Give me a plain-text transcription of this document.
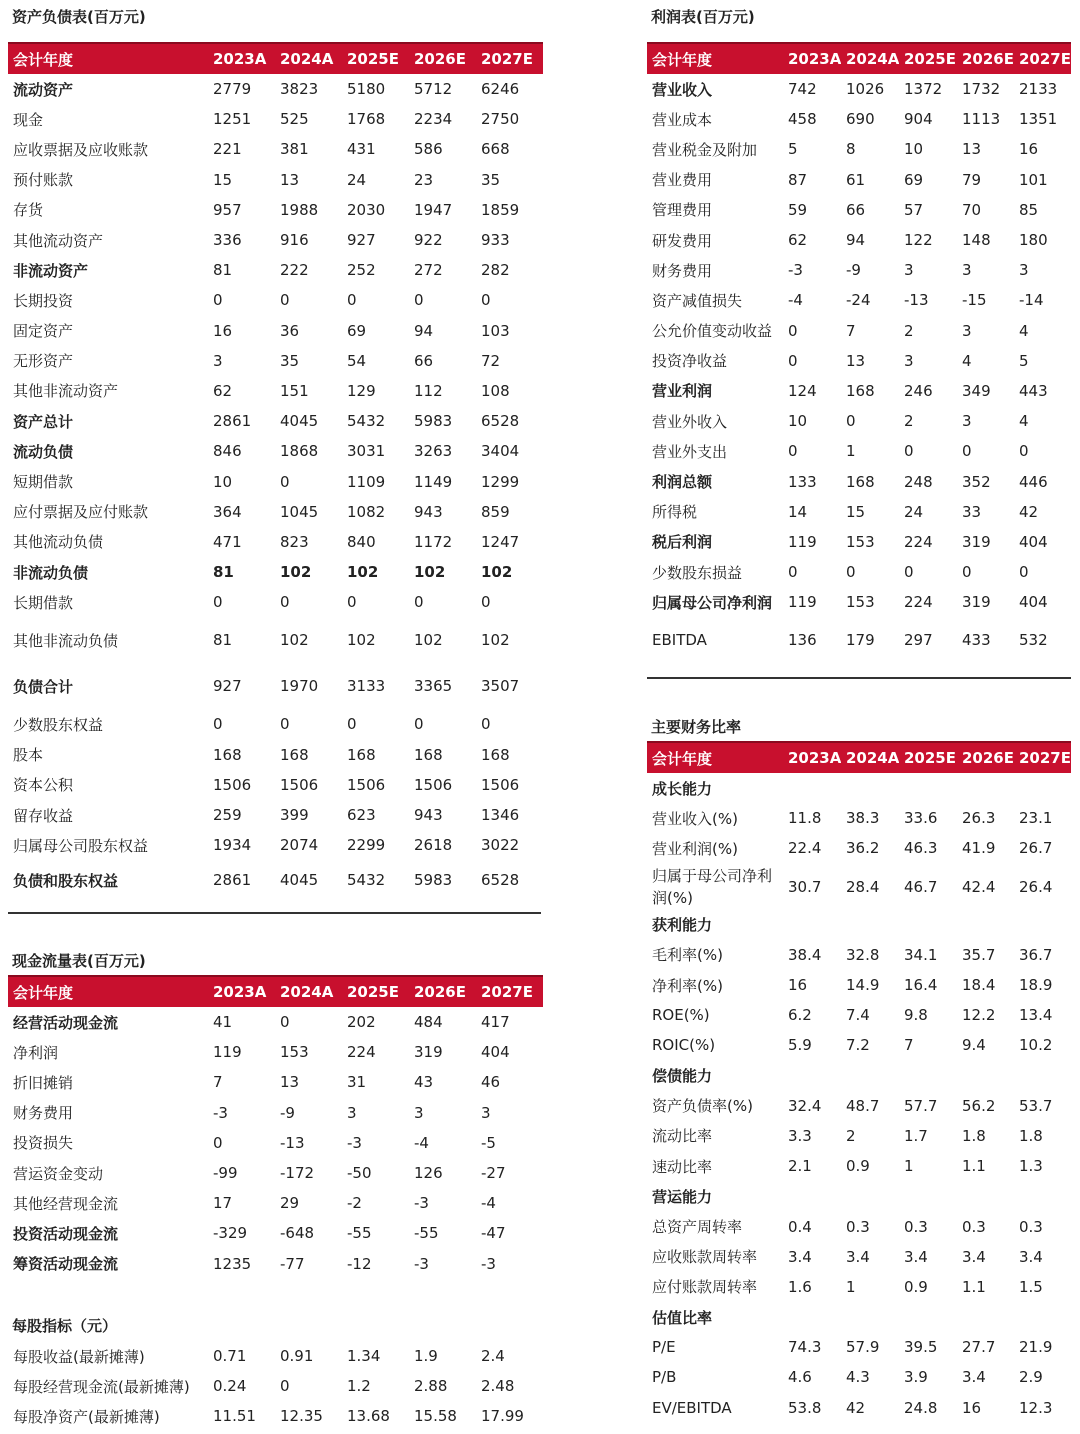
资产负债表(百万元)
会计年度	2023A	2024A	2025E	2026E	2027E
流动资产	2779	3823	5180	5712	6246
现金	1251	525	1768	2234	2750
应收票据及应收账款	221	381	431	586	668
预付账款	15	13	24	23	35
存货	957	1988	2030	1947	1859
其他流动资产	336	916	927	922	933
非流动资产	81	222	252	272	282
长期投资	0	0	0	0	0
固定资产	16	36	69	94	103
无形资产	3	35	54	66	72
其他非流动资产	62	151	129	112	108
资产总计	2861	4045	5432	5983	6528
流动负债	846	1868	3031	3263	3404
短期借款	10	0	1109	1149	1299
应付票据及应付账款	364	1045	1082	943	859
其他流动负债	471	823	840	1172	1247
非流动负债	81	102	102	102	102
长期借款	0	0	0	0	0
其他非流动负债	81	102	102	102	102
负债合计	927	1970	3133	3365	3507
少数股东权益	0	0	0	0	0
股本	168	168	168	168	168
资本公积	1506	1506	1506	1506	1506
留存收益	259	399	623	943	1346
归属母公司股东权益	1934	2074	2299	2618	3022
负债和股东权益	2861	4045	5432	5983	6528
现金流量表(百万元)
会计年度	2023A	2024A	2025E	2026E	2027E
经营活动现金流	41	0	202	484	417
净利润	119	153	224	319	404
折旧摊销	7	13	31	43	46
财务费用	-3	-9	3	3	3
投资损失	0	-13	-3	-4	-5
营运资金变动	-99	-172	-50	126	-27
其他经营现金流	17	29	-2	-3	-4
投资活动现金流	-329	-648	-55	-55	-47
筹资活动现金流	1235	-77	-12	-3	-3
每股指标（元）
每股收益(最新摊薄)	0.71	0.91	1.34	1.9	2.4
每股经营现金流(最新摊薄)	0.24	0	1.2	2.88	2.48
每股净资产(最新摊薄)	11.51	12.35	13.68	15.58	17.99
利润表(百万元)
会计年度	2023A	2024A	2025E	2026E	2027E
营业收入	742	1026	1372	1732	2133
营业成本	458	690	904	1113	1351
营业税金及附加	5	8	10	13	16
营业费用	87	61	69	79	101
管理费用	59	66	57	70	85
研发费用	62	94	122	148	180
财务费用	-3	-9	3	3	3
资产减值损失	-4	-24	-13	-15	-14
公允价值变动收益	0	7	2	3	4
投资净收益	0	13	3	4	5
营业利润	124	168	246	349	443
营业外收入	10	0	2	3	4
营业外支出	0	1	0	0	0
利润总额	133	168	248	352	446
所得税	14	15	24	33	42
税后利润	119	153	224	319	404
少数股东损益	0	0	0	0	0
归属母公司净利润	119	153	224	319	404
EBITDA	136	179	297	433	532
主要财务比率
会计年度	2023A	2024A	2025E	2026E	2027E
成长能力					
营业收入(%)	11.8	38.3	33.6	26.3	23.1
营业利润(%)	22.4	36.2	46.3	41.9	26.7
归属于母公司净利润(%)	30.7	28.4	46.7	42.4	26.4
获利能力					
毛利率(%)	38.4	32.8	34.1	35.7	36.7
净利率(%)	16	14.9	16.4	18.4	18.9
ROE(%)	6.2	7.4	9.8	12.2	13.4
ROIC(%)	5.9	7.2	7	9.4	10.2
偿债能力					
资产负债率(%)	32.4	48.7	57.7	56.2	53.7
流动比率	3.3	2	1.7	1.8	1.8
速动比率	2.1	0.9	1	1.1	1.3
营运能力					
总资产周转率	0.4	0.3	0.3	0.3	0.3
应收账款周转率	3.4	3.4	3.4	3.4	3.4
应付账款周转率	1.6	1	0.9	1.1	1.5
估值比率					
P/E	74.3	57.9	39.5	27.7	21.9
P/B	4.6	4.3	3.9	3.4	2.9
EV/EBITDA	53.8	42	24.8	16	12.3
